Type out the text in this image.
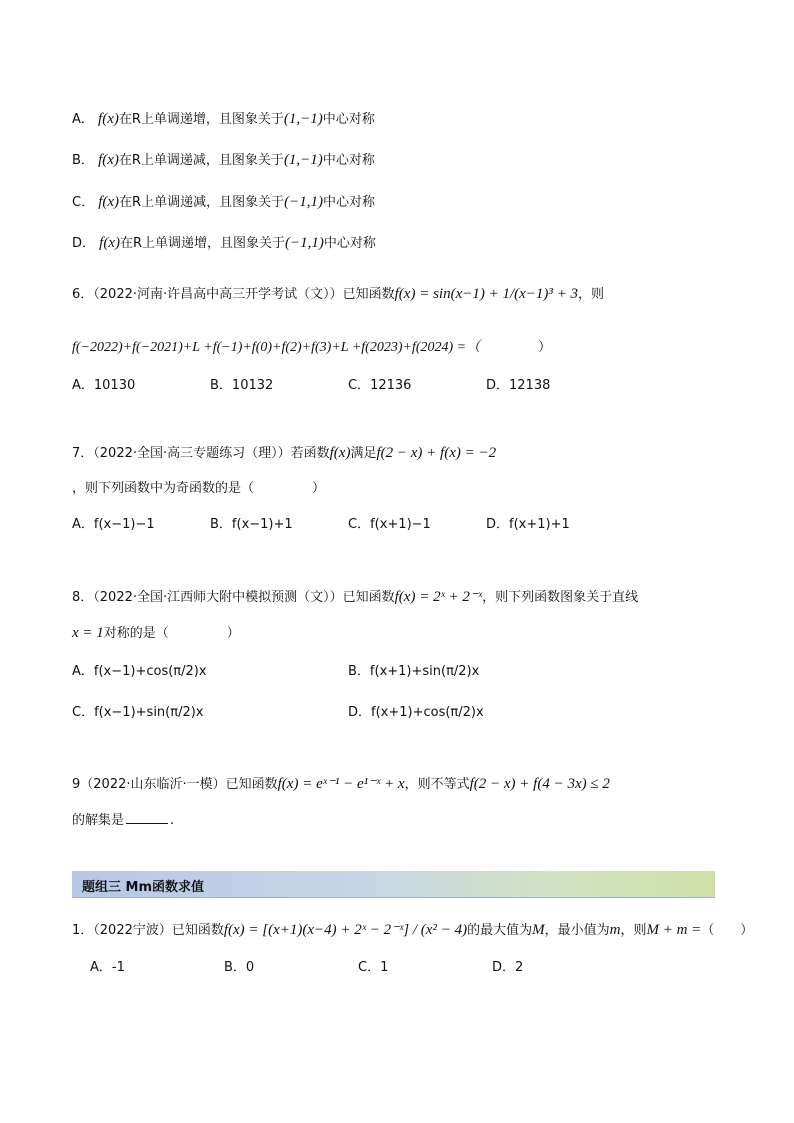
A． f(x)在R上单调递增，且图象关于(1,−1)中心对称
B． f(x)在R上单调递减，且图象关于(1,−1)中心对称
C． f(x)在R上单调递减，且图象关于(−1,1)中心对称
D． f(x)在R上单调递增，且图象关于(−1,1)中心对称
6．（2022·河南·许昌高中高三开学考试（文））已知函数f(x) = sin(x−1) + 1/(x−1)³ + 3，则
f(−2022)+f(−2021)+L +f(−1)+f(0)+f(2)+f(3)+L +f(2023)+f(2024) =（	）
A．10130	B．10132	C．12136	D．12138
7．（2022·全国·高三专题练习（理））若函数f(x)满足f(2 − x) + f(x) = −2
，则下列函数中为奇函数的是（	）
A．f(x−1)−1	B．f(x−1)+1	C．f(x+1)−1	D．f(x+1)+1
8．（2022·全国·江西师大附中模拟预测（文））已知函数f(x) = 2ˣ + 2⁻ˣ，则下列函数图象关于直线
x = 1对称的是（	）
A．f(x−1)+cos(π/2)x	B．f(x+1)+sin(π/2)x
C．f(x−1)+sin(π/2)x	D．f(x+1)+cos(π/2)x
9（2022·山东临沂·一模）已知函数f(x) = eˣ⁻¹ − e¹⁻ˣ + x，则不等式f(2 − x) + f(4 − 3x) ≤ 2
的解集是	.
题组三 Mm函数求值
1．（2022宁波）已知函数f(x) = [(x+1)(x−4) + 2ˣ − 2⁻ˣ] / (x² − 4)的最大值为M，最小值为m，则M + m =（　　）
A．-1	B．0	C．1	D．2
